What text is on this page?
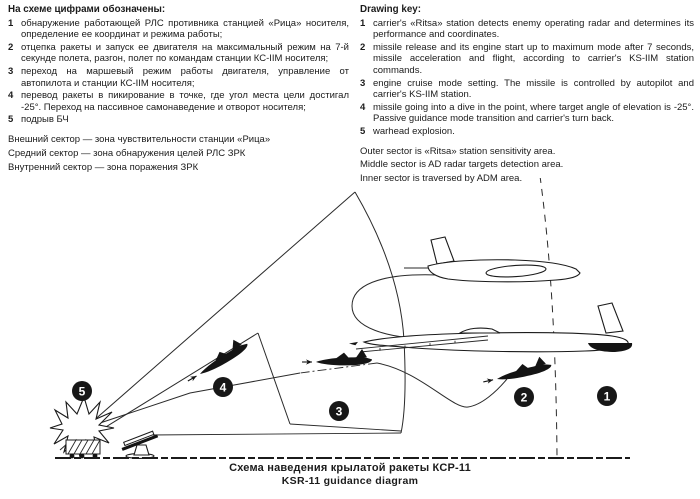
На схеме цифрами обозначены:
1 обнаружение работающей РЛС противника станцией «Рица» носителя, определение ее координат и режима работы;
2 отцепка ракеты и запуск ее двигателя на максимальный режим на 7-й секунде полета, разгон, полет по командам станции КС-IIМ носителя;
3 переход на маршевый режим работы двигателя, управление от автопилота и станции КС-IIМ носителя;
4 перевод ракеты в пикирование в точке, где угол места цели достигал -25°. Переход на пассивное самонаведение и отворот носителя;
5 подрыв БЧ
Внешний сектор — зона чувствительности станции «Рица»
Средний сектор — зона обнаружения целей РЛС ЗРК
Внутренний сектор — зона поражения ЗРК
Drawing key:
1 carrier's «Ritsa» station detects enemy operating radar and determines its performance and coordinates.
2 missile release and its engine start up to maximum mode after 7 seconds, missile acceleration and flight, according to carrier's KS-IIM station commands.
3 engine cruise mode setting. The missile is controlled by autopilot and carrier's KS-IIM station.
4 missile going into a dive in the point, where target angle of elevation is -25°. Passive guidance mode transition and carrier's turn back.
5 warhead explosion.
Outer sector is «Ritsa» station sensitivity area.
Middle sector is AD radar targets detection area.
Inner sector is traversed by ADM area.
1
2
3
4
5
Схема наведения крылатой ракеты КСР-11
KSR-11 guidance diagram
